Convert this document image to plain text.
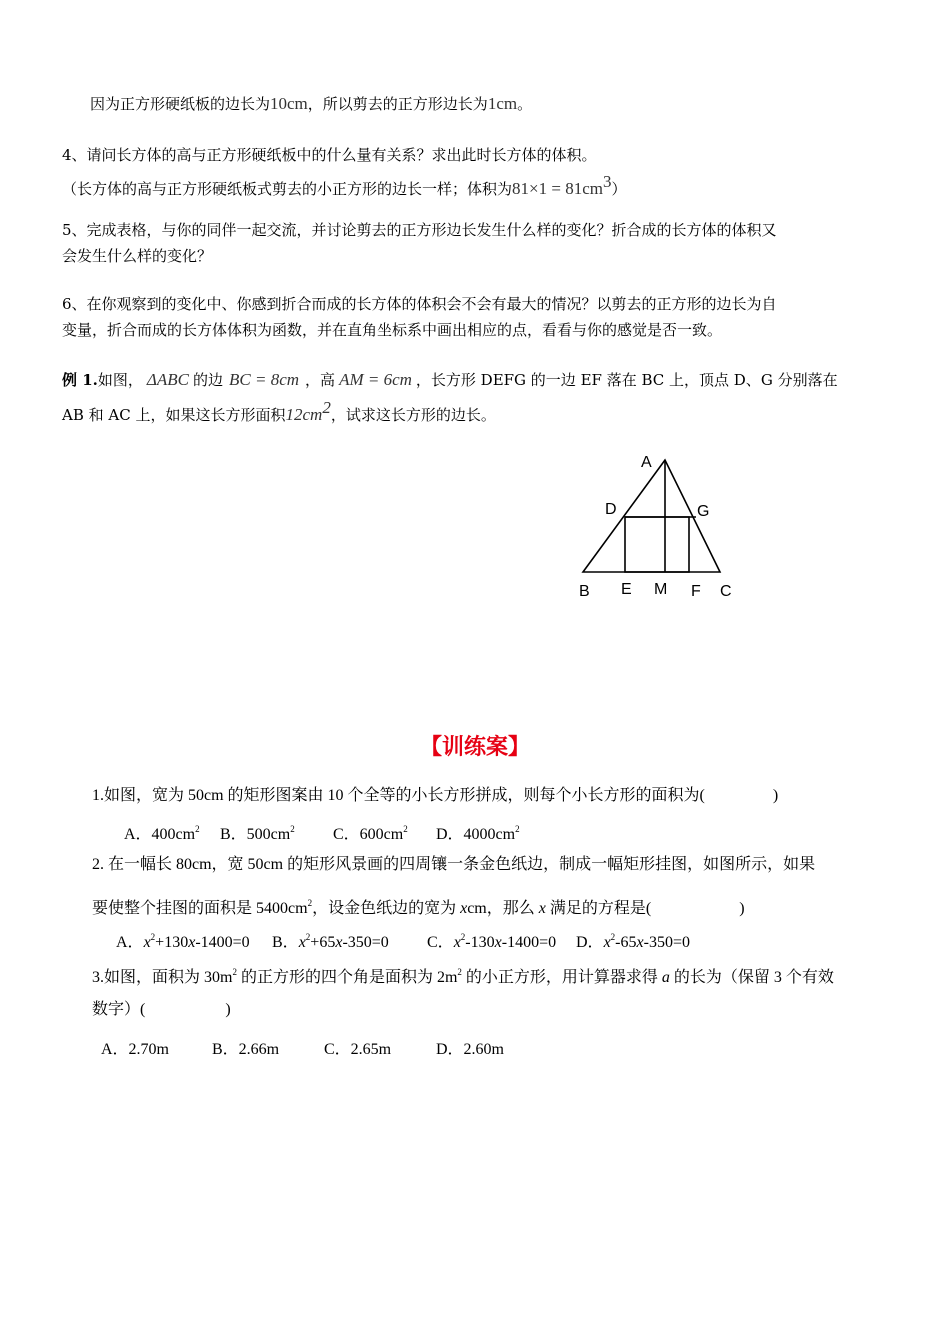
因为正方形硬纸板的边长为10cm，所以剪去的正方形边长为1cm。
4、请问长方体的高与正方形硬纸板中的什么量有关系？求出此时长方体的体积。
（长方体的高与正方形硬纸板式剪去的小正方形的边长一样；体积为$81\times 1 = 81cm^3$）
5、完成表格，与你的同伴一起交流，并讨论剪去的正方形边长发生什么样的变化？折合成的长方体的体积又
会发生什么样的变化？
6、在你观察到的变化中、你感到折合而成的长方体的体积会不会有最大的情况？以剪去的正方形的边长为自
变量，折合而成的长方体体积为函数，并在直角坐标系中画出相应的点，看看与你的感觉是否一致。
例 1.如图， ΔABC 的边 BC = 8cm ，高 AM = 6cm ，长方形 DEFG 的一边 EF 落在 BC 上，顶点 D、G 分别落在
AB 和 AC 上，如果这长方形面积$12cm^2$，试求这长方形的边长。
A
D	G
B E M F C
【训练案】
1.如图，宽为 50cm 的矩形图案由 10 个全等的小长方形拼成，则每个小长方形的面积为(	)
A．$400cm^2$ B．$500cm^2$ C．$600cm^2$ D．$4000cm^2$
2. 在一幅长 80cm，宽 50cm 的矩形风景画的四周镶一条金色纸边，制成一幅矩形挂图，如图所示，如果
要使整个挂图的面积是 $5400cm^2$，设金色纸边的宽为 xcm，那么 x 满足的方程是(	)
A．$x^2+130x-1400=0$ B．$x^2+65x-350=0$ C．$x^2-130x-1400=0$ D．$x^2-65x-350=0$
3.如图，面积为 $30m^2$ 的正方形的四个角是面积为 $2m^2$ 的小正方形，用计算器求得 a 的长为（保留 3 个有效
数字）(	)
A．2.70m	B．2.66m	C．2.65m	D．2.60m
